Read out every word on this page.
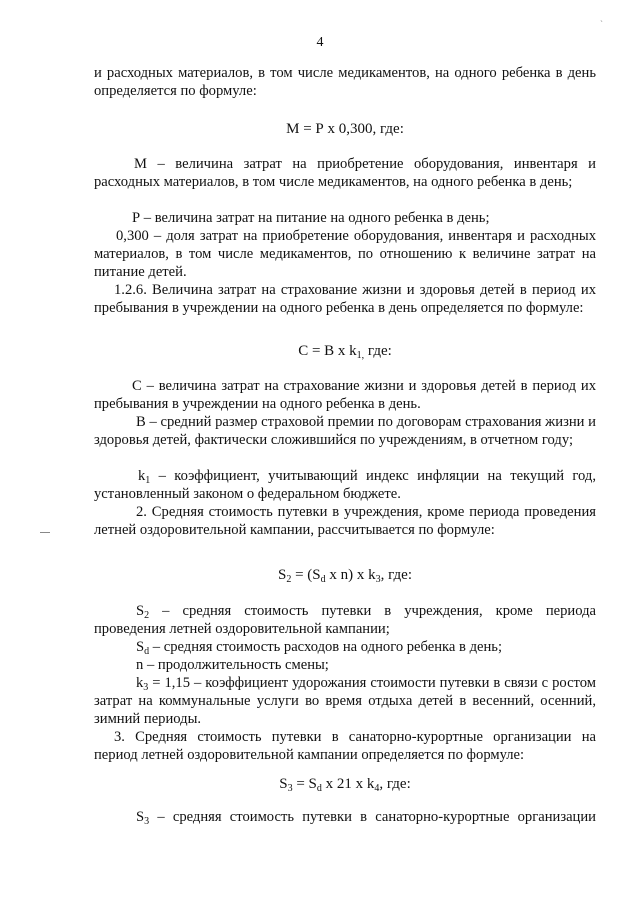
`
4
и расходных материалов, в том числе медикаментов, на одного ребенка в день определяется по формуле:
М = Р х 0,300, где:
М – величина затрат на приобретение оборудования, инвентаря и расходных материалов, в том числе медикаментов, на одного ребенка в день;
Р – величина затрат на питание на одного ребенка в день;
0,300 – доля затрат на приобретение оборудования, инвентаря и расходных материалов, в том числе медикаментов, по отношению к величине затрат на питание детей.
1.2.6. Величина затрат на страхование жизни и здоровья детей в период их пребывания в учреждении на одного ребенка в день определяется по формуле:
С = В х $k_{1,}$ где:
С – величина затрат на страхование жизни и здоровья детей в период их пребывания в учреждении на одного ребенка в день.
В – средний размер страховой премии по договорам страхования жизни и здоровья детей, фактически сложившийся по учреждениям, в отчетном году;
$k_1$ – коэффициент, учитывающий индекс инфляции на текущий год, установленный законом о федеральном бюджете.
2. Средняя стоимость путевки в учреждения, кроме периода проведения летней оздоровительной кампании, рассчитывается по формуле:
$S_2 = (S_d$ х n) х $k_3$, где:
$S_2$ – средняя стоимость путевки в учреждения, кроме периода проведения летней оздоровительной кампании;
$S_d$ – средняя стоимость расходов на одного ребенка в день;
n – продолжительность смены;
$k_3 = 1,15$ – коэффициент удорожания стоимости путевки в связи с ростом затрат на коммунальные услуги во время отдыха детей в весенний, осенний, зимний периоды.
3. Средняя стоимость путевки в санаторно-курортные организации на период летней оздоровительной кампании определяется по формуле:
$S_3 = S_d$ х 21 х $k_4$, где:
$S_3$ – средняя стоимость путевки в санаторно-курортные организации
